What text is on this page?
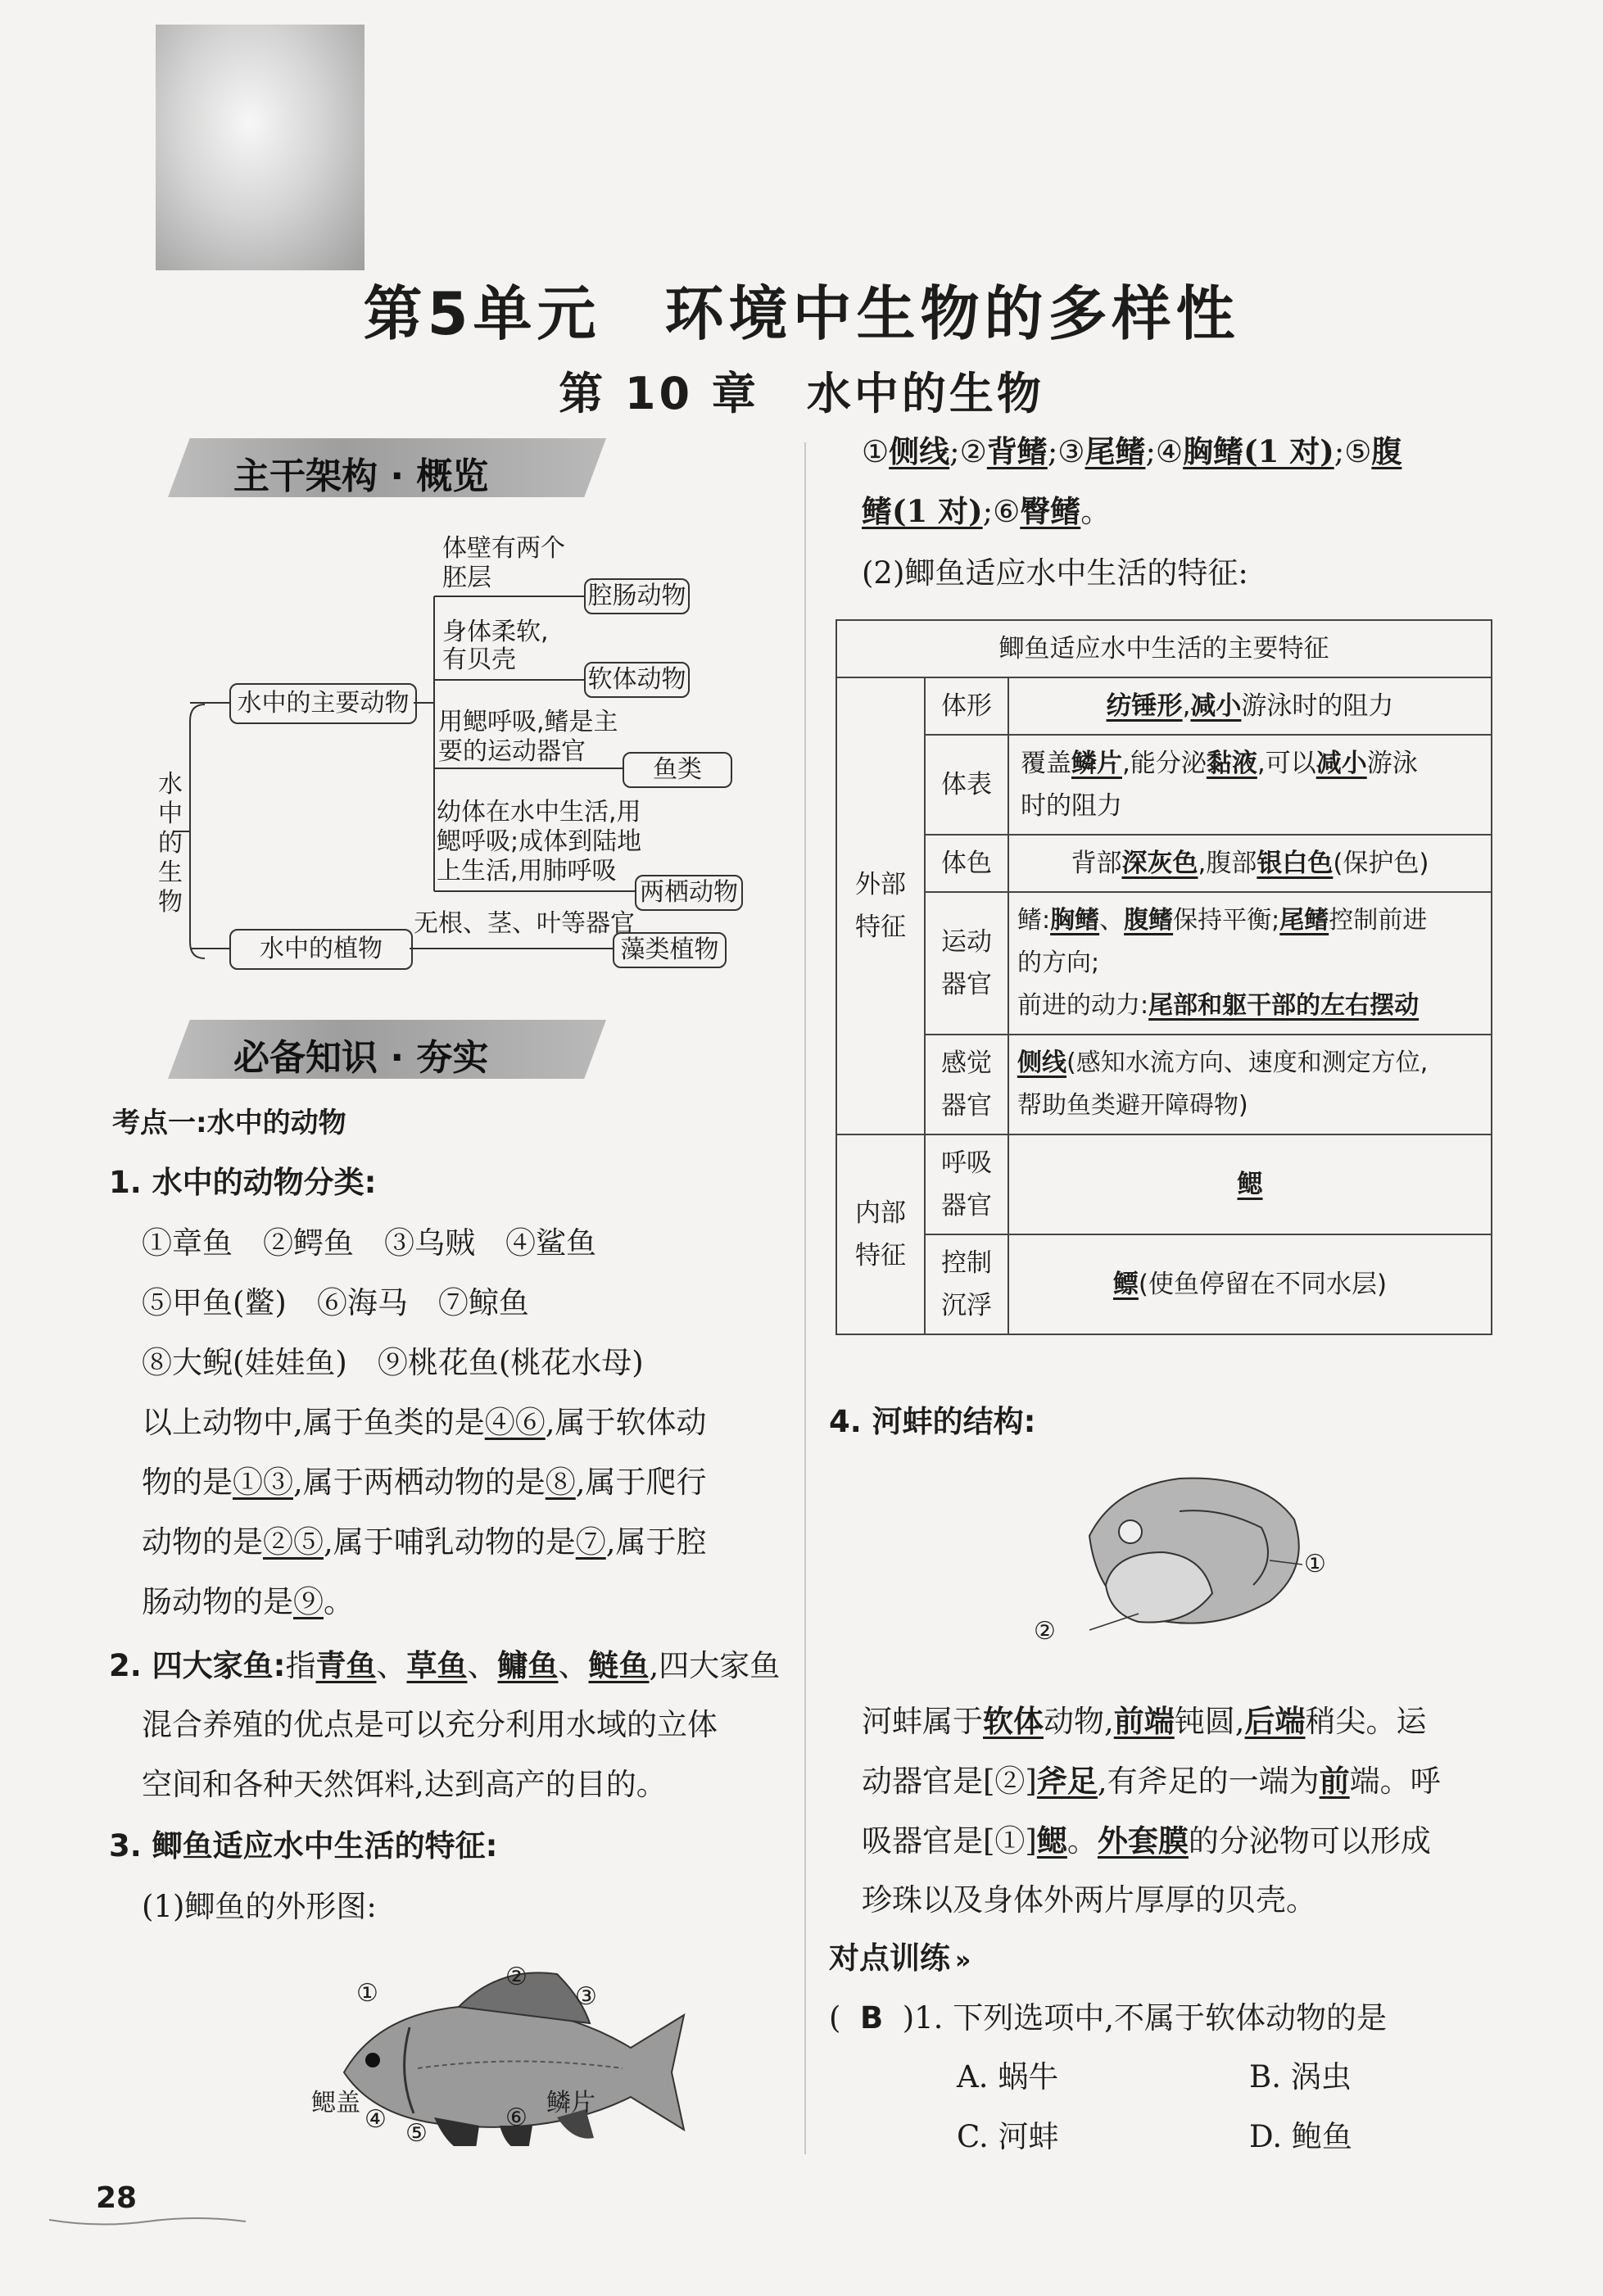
第5单元　环境中生物的多样性
第 10 章　水中的生物
主干架构 · 概览
水中的生物
水中的主要动物
水中的植物
体壁有两个
胚层
腔肠动物
身体柔软,
有贝壳
软体动物
用鳃呼吸,鳍是主
要的运动器官
鱼类
幼体在水中生活,用
鳃呼吸;成体到陆地
上生活,用肺呼吸
两栖动物
无根、茎、叶等器官
藻类植物
必备知识 · 夯实
考点一:水中的动物
1. 水中的动物分类:
①章鱼　②鳄鱼　③乌贼　④鲨鱼
⑤甲鱼(鳖)　⑥海马　⑦鲸鱼
⑧大鲵(娃娃鱼)　⑨桃花鱼(桃花水母)
以上动物中,属于鱼类的是④⑥,属于软体动
物的是①③,属于两栖动物的是⑧,属于爬行
动物的是②⑤,属于哺乳动物的是⑦,属于腔
肠动物的是⑨。
2. 四大家鱼:指青鱼、草鱼、鳙鱼、鲢鱼,四大家鱼
混合养殖的优点是可以充分利用水域的立体
空间和各种天然饵料,达到高产的目的。
3. 鲫鱼适应水中生活的特征:
(1)鲫鱼的外形图:
①
②
③
鳃盖
④ ⑤
⑥
鳞片
28
①侧线;②背鳍;③尾鳍;④胸鳍(1 对);⑤腹
鳍(1 对);⑥臀鳍。
(2)鲫鱼适应水中生活的特征:
鲫鱼适应水中生活的主要特征		
外部特征	体形	纺锤形,减小游泳时的阻力
	体表	覆盖鳞片,能分泌黏液,可以减小游泳
时的阻力
	体色	背部深灰色,腹部银白色(保护色)
	运动器官	鳍:胸鳍、腹鳍保持平衡;尾鳍控制前进
的方向;
前进的动力:尾部和躯干部的左右摆动
	感觉器官	侧线(感知水流方向、速度和测定方位,
帮助鱼类避开障碍物)
内部特征	呼吸器官	鳃
	控制沉浮	鳔(使鱼停留在不同水层)
4. 河蚌的结构:
①
②
河蚌属于软体动物,前端钝圆,后端稍尖。运
动器官是[②]斧足,有斧足的一端为前端。呼
吸器官是[①]鳃。外套膜的分泌物可以形成
珍珠以及身体外两片厚厚的贝壳。
对点训练 »
( B )1. 下列选项中,不属于软体动物的是
A. 蜗牛	B. 涡虫
C. 河蚌	D. 鲍鱼
